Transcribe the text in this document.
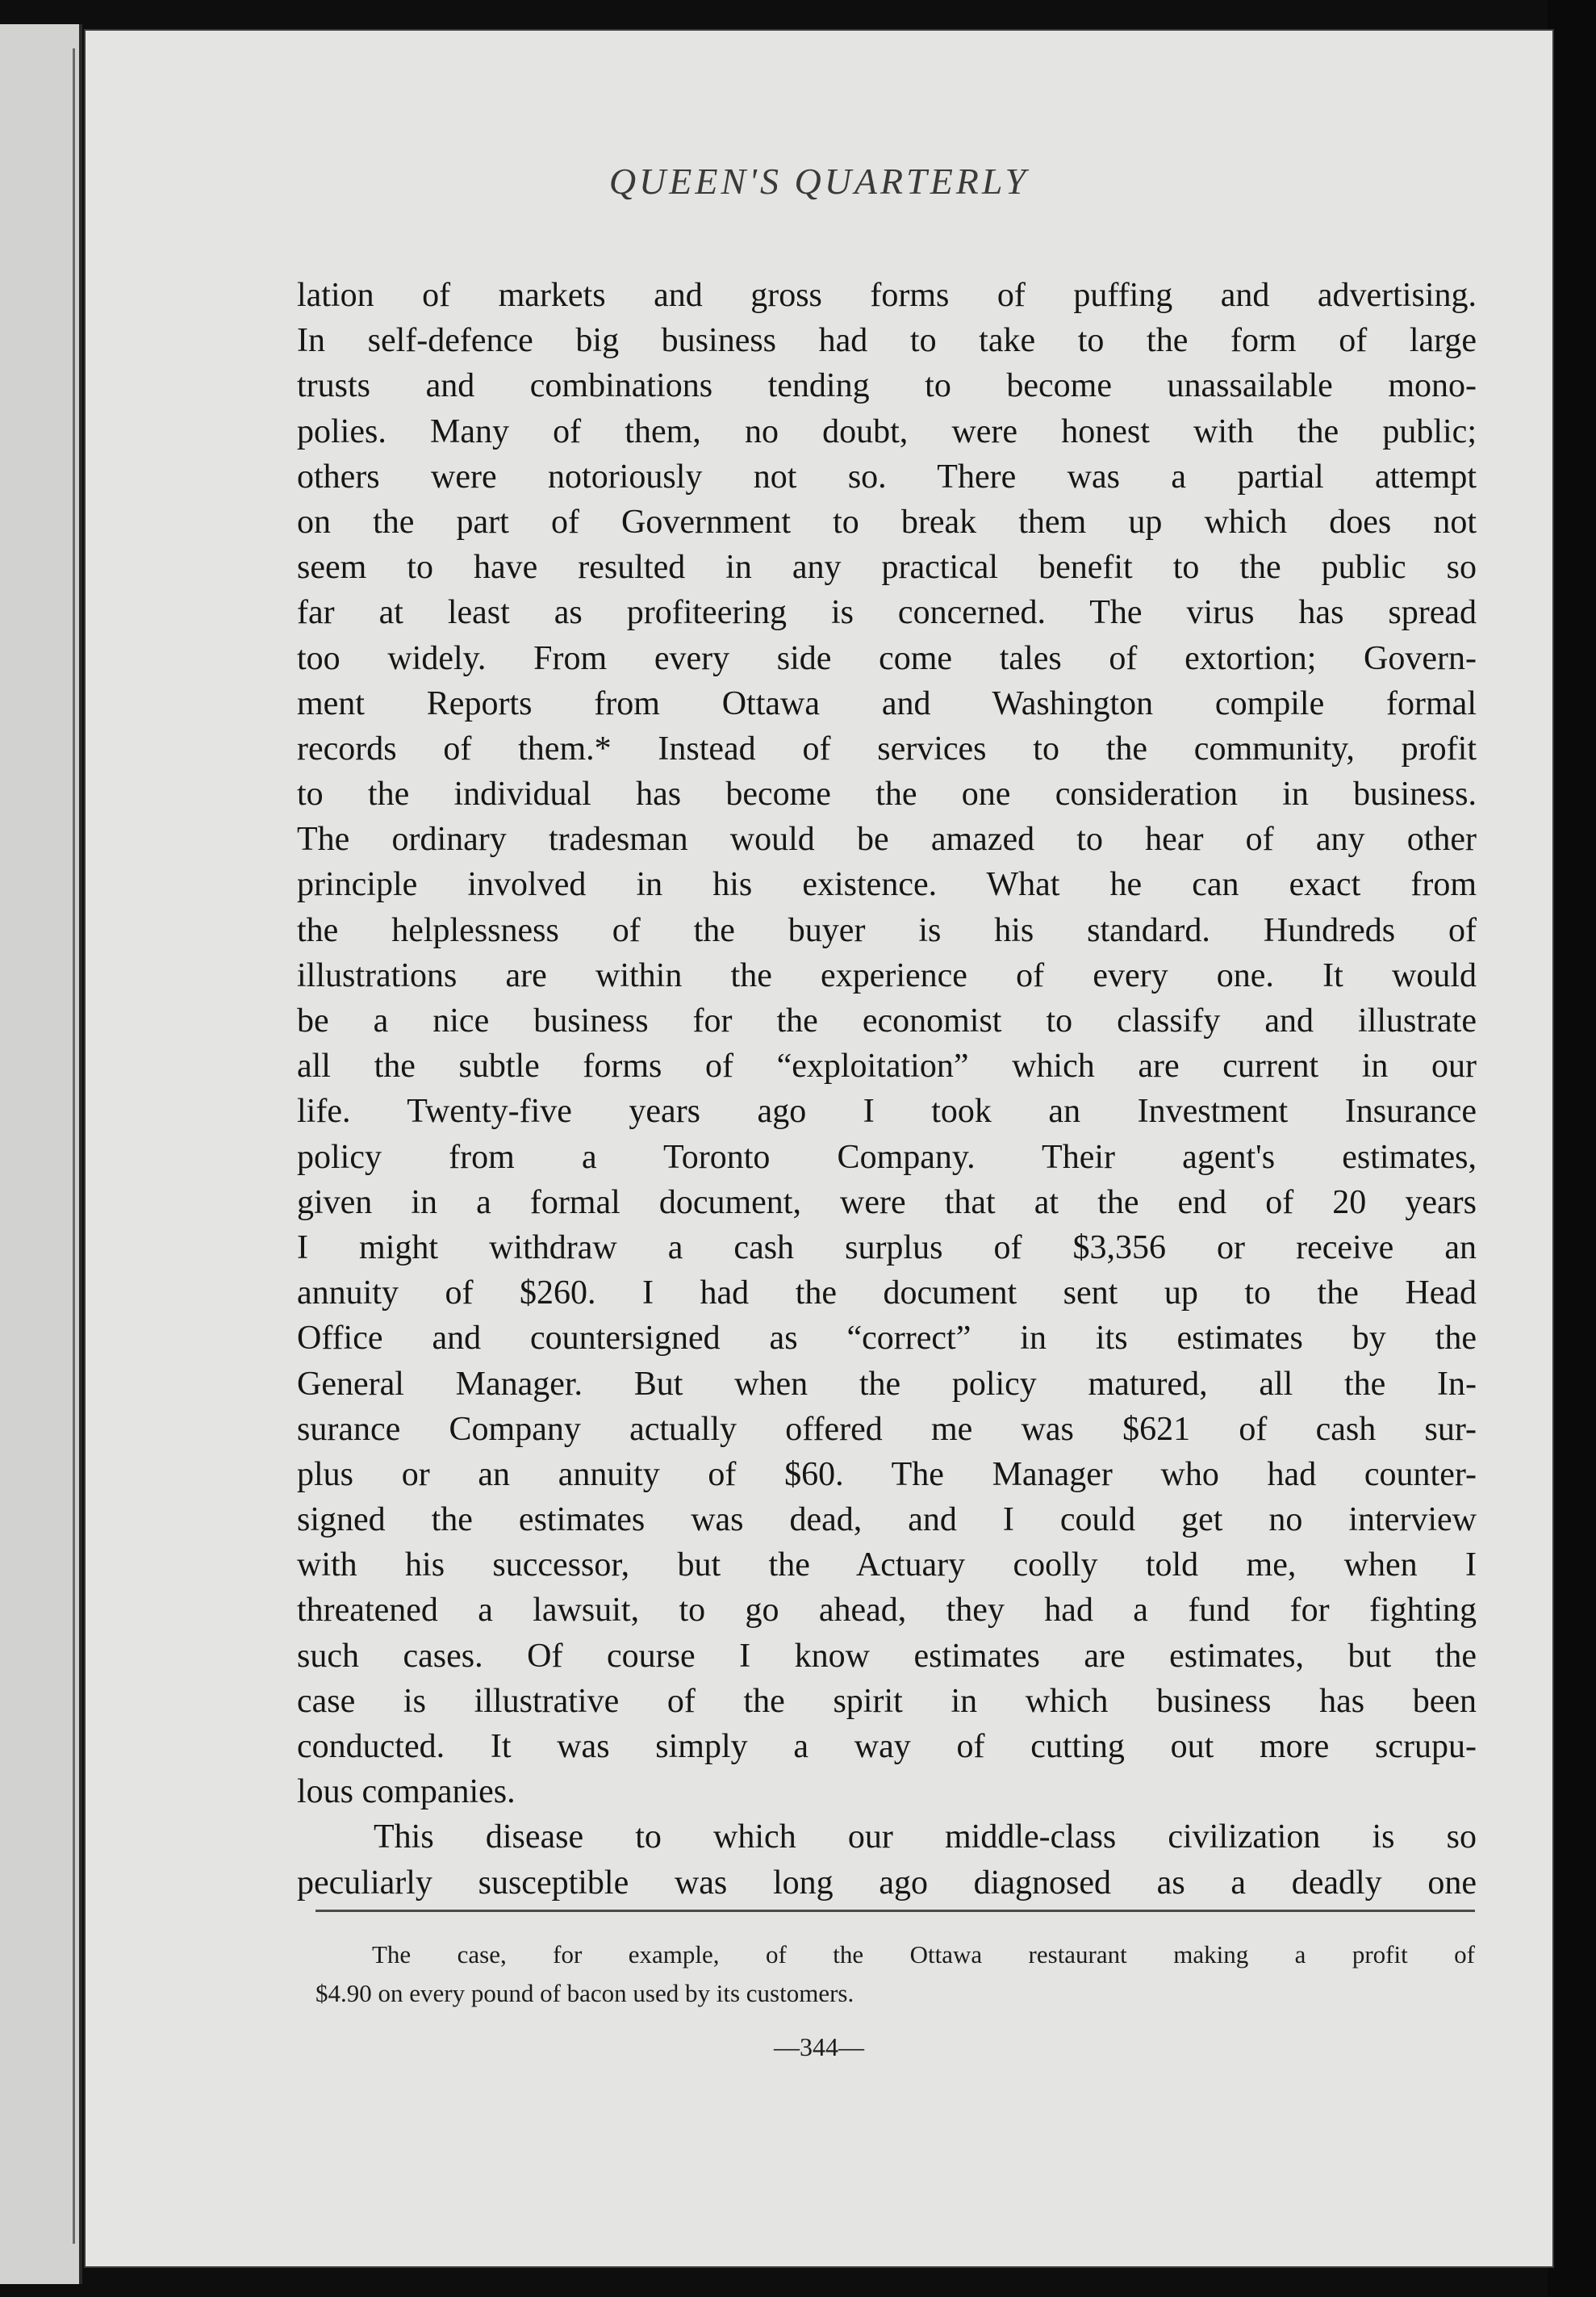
QUEEN'S QUARTERLY
lation of markets and gross forms of puffing and advertising.
In self-defence big business had to take to the form of large
trusts and combinations tending to become unassailable mono-
polies. Many of them, no doubt, were honest with the public;
others were notoriously not so. There was a partial attempt
on the part of Government to break them up which does not
seem to have resulted in any practical benefit to the public so
far at least as profiteering is concerned. The virus has spread
too widely. From every side come tales of extortion; Govern-
ment Reports from Ottawa and Washington compile formal
records of them.* Instead of services to the community, profit
to the individual has become the one consideration in business.
The ordinary tradesman would be amazed to hear of any other
principle involved in his existence. What he can exact from
the helplessness of the buyer is his standard. Hundreds of
illustrations are within the experience of every one. It would
be a nice business for the economist to classify and illustrate
all the subtle forms of “exploitation” which are current in our
life. Twenty-five years ago I took an Investment Insurance
policy from a Toronto Company. Their agent's estimates,
given in a formal document, were that at the end of 20 years
I might withdraw a cash surplus of $3,356 or receive an
annuity of $260. I had the document sent up to the Head
Office and countersigned as “correct” in its estimates by the
General Manager. But when the policy matured, all the In-
surance Company actually offered me was $621 of cash sur-
plus or an annuity of $60. The Manager who had counter-
signed the estimates was dead, and I could get no interview
with his successor, but the Actuary coolly told me, when I
threatened a lawsuit, to go ahead, they had a fund for fighting
such cases. Of course I know estimates are estimates, but the
case is illustrative of the spirit in which business has been
conducted. It was simply a way of cutting out more scrupu-
lous companies.
This disease to which our middle-class civilization is so
peculiarly susceptible was long ago diagnosed as a deadly one
The case, for example, of the Ottawa restaurant making a profit of
$4.90 on every pound of bacon used by its customers.
—344—
